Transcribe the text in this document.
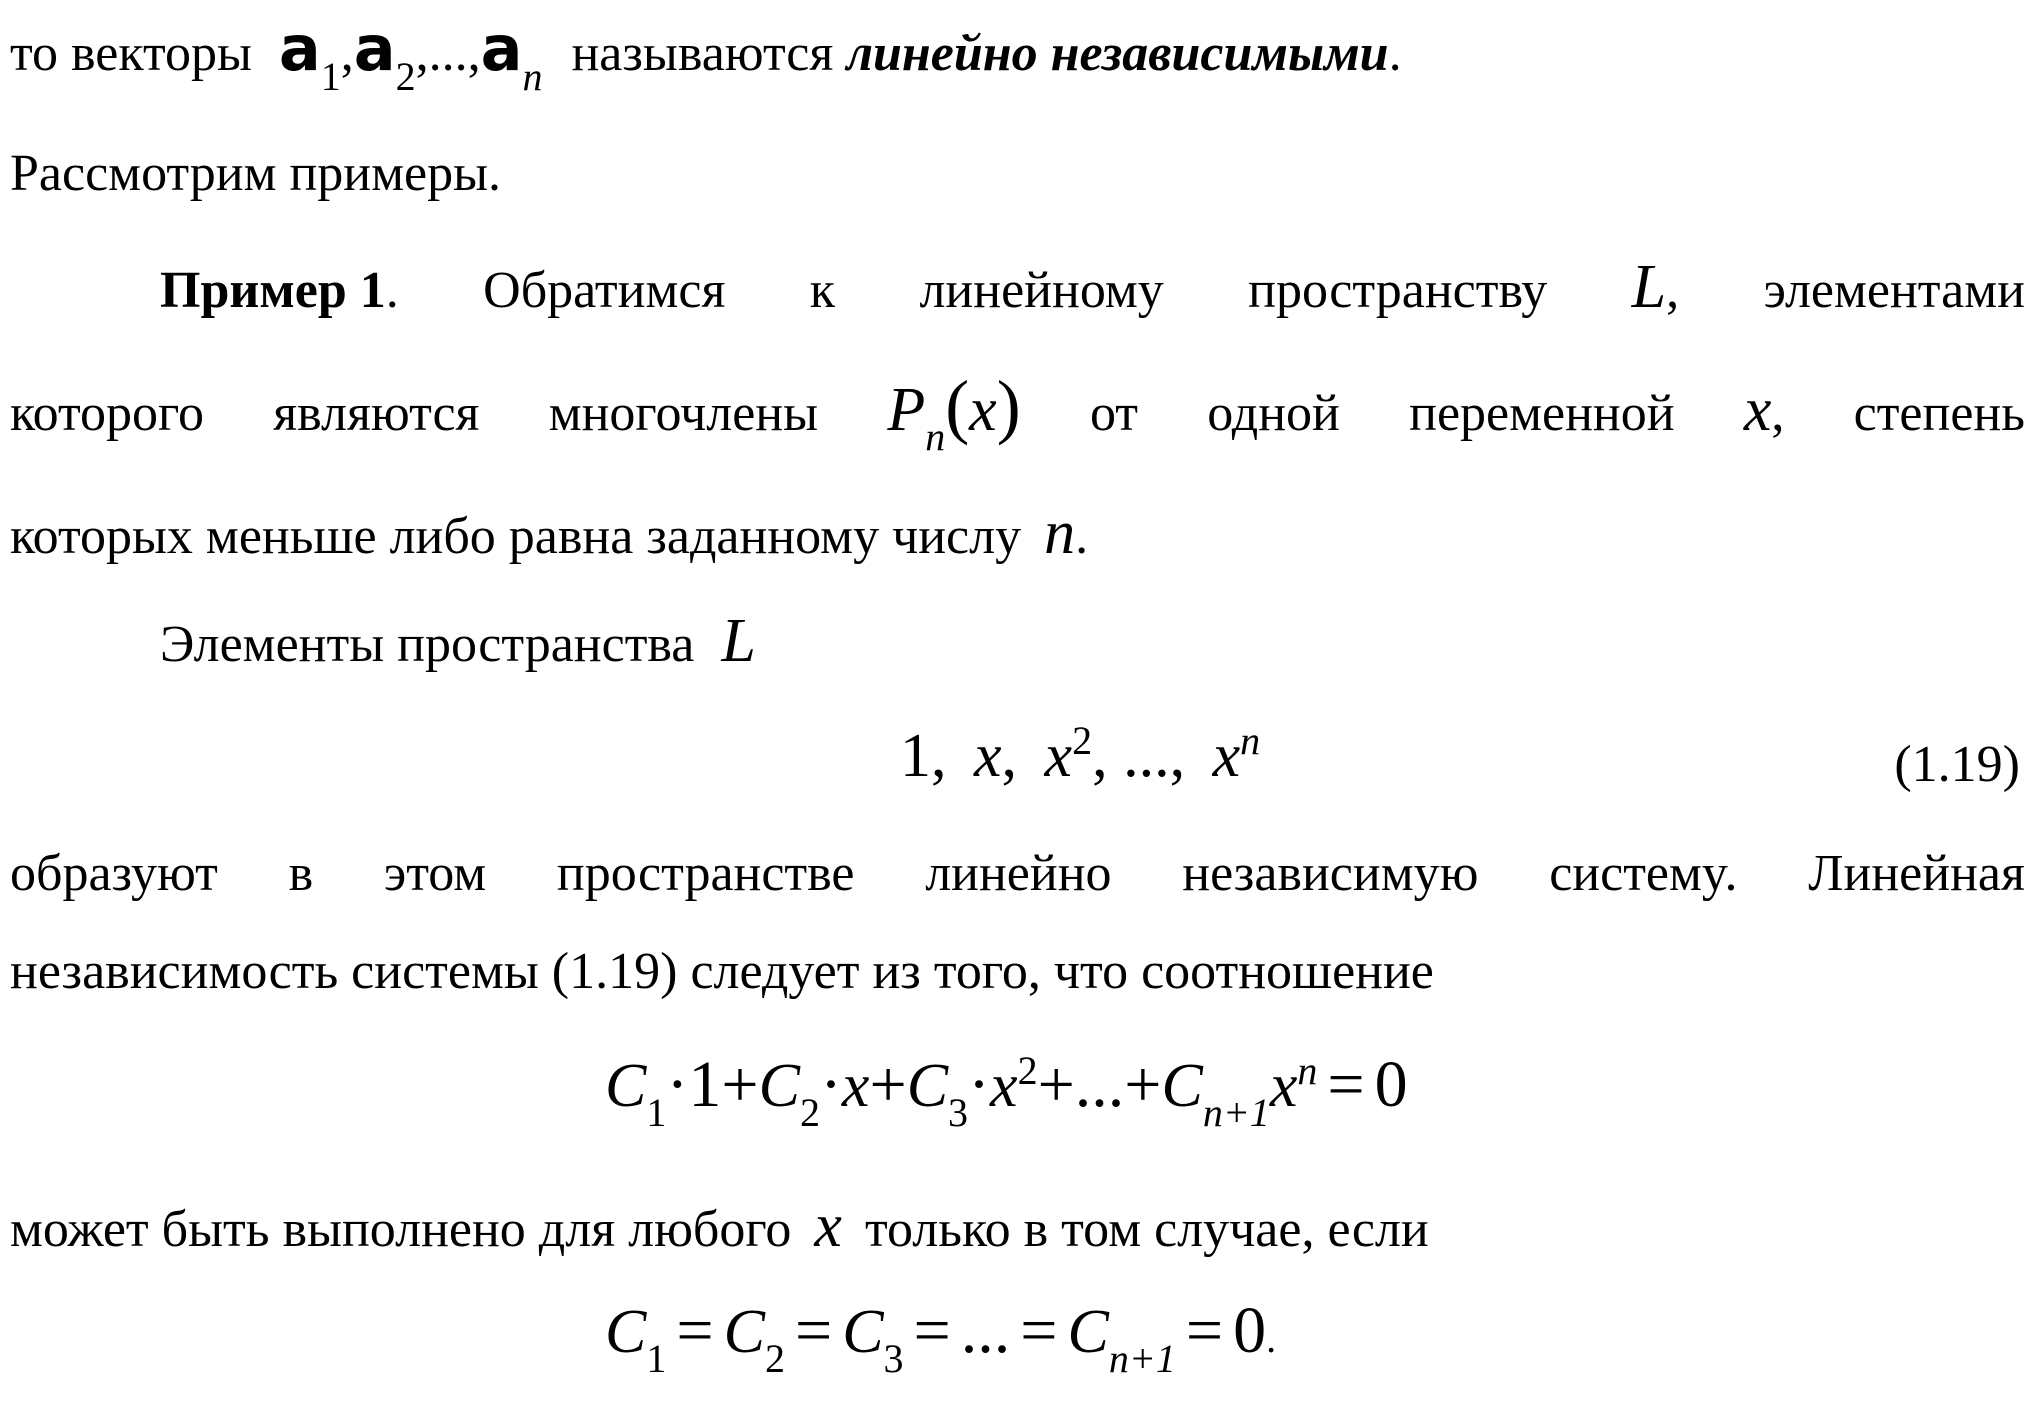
то векторы $a_1,a_2,...,a_n$ называются линейно независимыми.
Рассмотрим примеры.
Пример 1. Обратимся к линейному пространству L, элементами
которого являются многочлены $P_n(x)$ от одной переменной x, степень
которых меньше либо равна заданному числу n.
Элементы пространства L
1, x, $x^2$, ..., $x^n$	(1.19)
образуют в этом пространстве линейно независимую системy. Линейная
независимость системы (1.19) следует из того, что соотношение
$C_1\cdot 1+C_2\cdot x+C_3\cdot x^2+...+C_{n+1}x^n = 0$
может быть выполнено для любого x только в том случае, если
$C_1 = C_2 = C_3$ = ... = $C_{n+1} = 0$.
